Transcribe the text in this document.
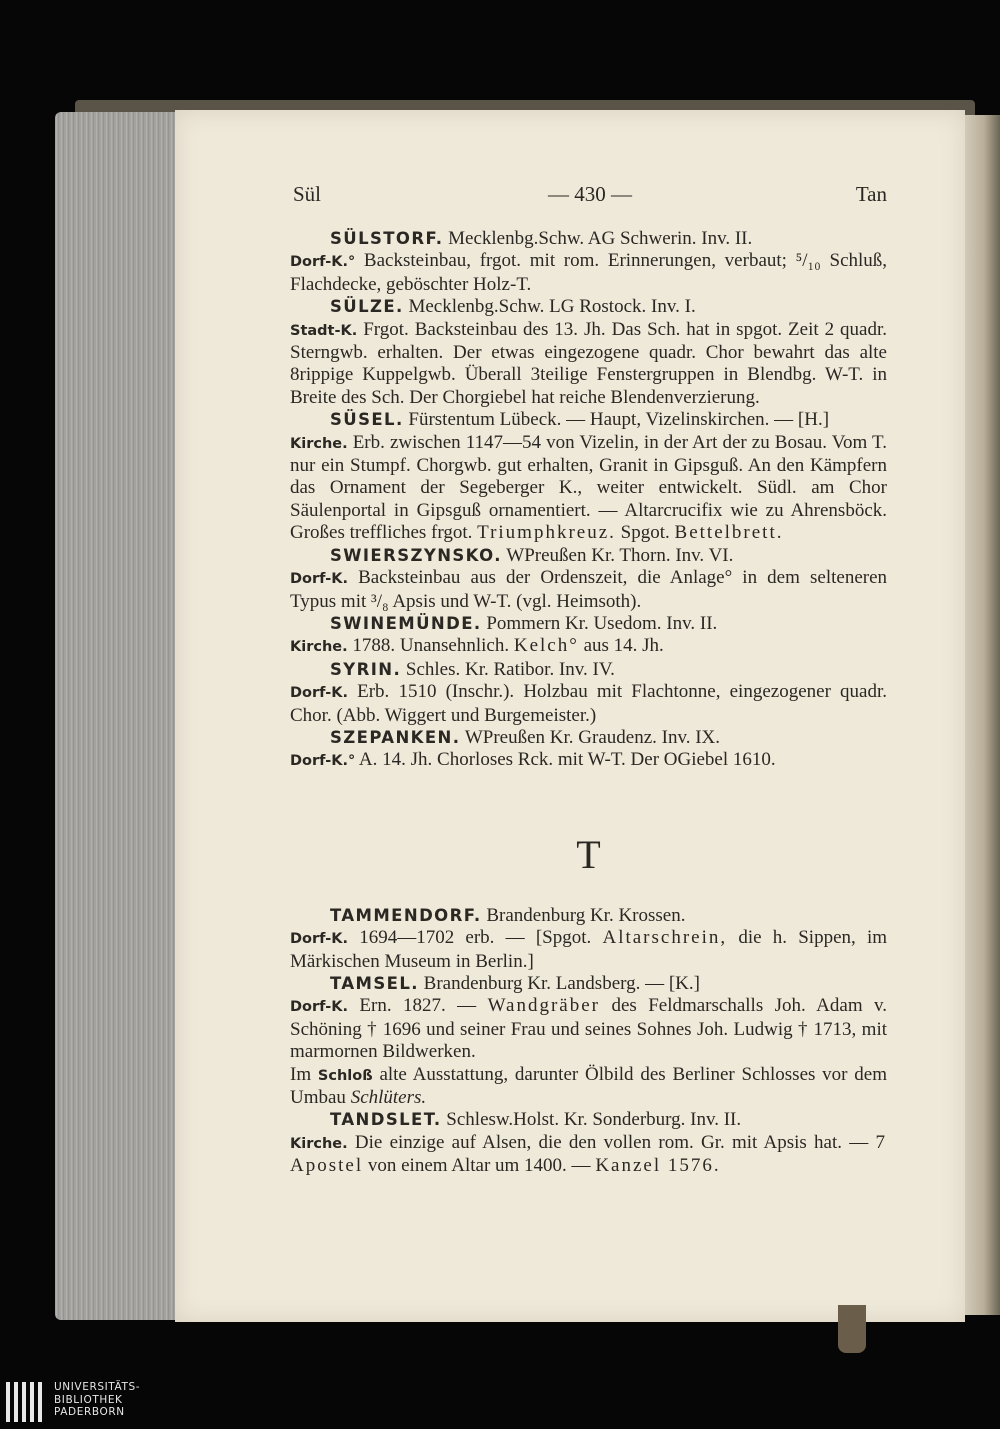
Sül	— 430 —	Tan

SÜLSTORF. Mecklenbg.Schw. AG Schwerin. Inv. II.

Dorf-K.° Backsteinbau, frgot. mit rom. Erinnerungen, verbaut; ⁵/₁₀ Schluß, Flachdecke, geböschter Holz-T.

SÜLZE. Mecklenbg.Schw. LG Rostock. Inv. I.

Stadt-K. Frgot. Backsteinbau des 13. Jh. Das Sch. hat in spgot. Zeit 2 quadr. Sterngwb. erhalten. Der etwas eingezogene quadr. Chor bewahrt das alte 8rippige Kuppelgwb. Überall 3teilige Fenstergruppen in Blendbg. W-T. in Breite des Sch. Der Chorgiebel hat reiche Blendenverzierung.

SÜSEL. Fürstentum Lübeck. — Haupt, Vizelinskirchen. — [H.]

Kirche. Erb. zwischen 1147—54 von Vizelin, in der Art der zu Bosau. Vom T. nur ein Stumpf. Chorgwb. gut erhalten, Granit in Gipsguß. An den Kämpfern das Ornament der Segeberger K., weiter entwickelt. Südl. am Chor Säulenportal in Gipsguß ornamentiert. — Altarcrucifix wie zu Ahrensböck. Großes treffliches frgot. Triumphkreuz. Spgot. Bettelbrett.

SWIERSZYNSKO. WPreußen Kr. Thorn. Inv. VI.

Dorf-K. Backsteinbau aus der Ordenszeit, die Anlage° in dem selteneren Typus mit ³/₈ Apsis und W-T. (vgl. Heimsoth).

SWINEMÜNDE. Pommern Kr. Usedom. Inv. II.

Kirche. 1788. Unansehnlich. Kelch° aus 14. Jh.

SYRIN. Schles. Kr. Ratibor. Inv. IV.

Dorf-K. Erb. 1510 (Inschr.). Holzbau mit Flachtonne, eingezogener quadr. Chor. (Abb. Wiggert und Burgemeister.)

SZEPANKEN. WPreußen Kr. Graudenz. Inv. IX.

Dorf-K.° A. 14. Jh. Chorloses Rck. mit W-T. Der OGiebel 1610.

T

TAMMENDORF. Brandenburg Kr. Krossen.

Dorf-K. 1694—1702 erb. — [Spgot. Altarschrein, die h. Sippen, im Märkischen Museum in Berlin.]

TAMSEL. Brandenburg Kr. Landsberg. — [K.]

Dorf-K. Ern. 1827. — Wandgräber des Feldmarschalls Joh. Adam v. Schöning † 1696 und seiner Frau und seines Sohnes Joh. Ludwig † 1713, mit marmornen Bildwerken.

Im Schloß alte Ausstattung, darunter Ölbild des Berliner Schlosses vor dem Umbau Schlüters.

TANDSLET. Schlesw.Holst. Kr. Sonderburg. Inv. II.

Kirche. Die einzige auf Alsen, die den vollen rom. Gr. mit Apsis hat. — 7 Apostel von einem Altar um 1400. — Kanzel 1576.

UNIVERSITÄTS-
BIBLIOTHEK
PADERBORN
